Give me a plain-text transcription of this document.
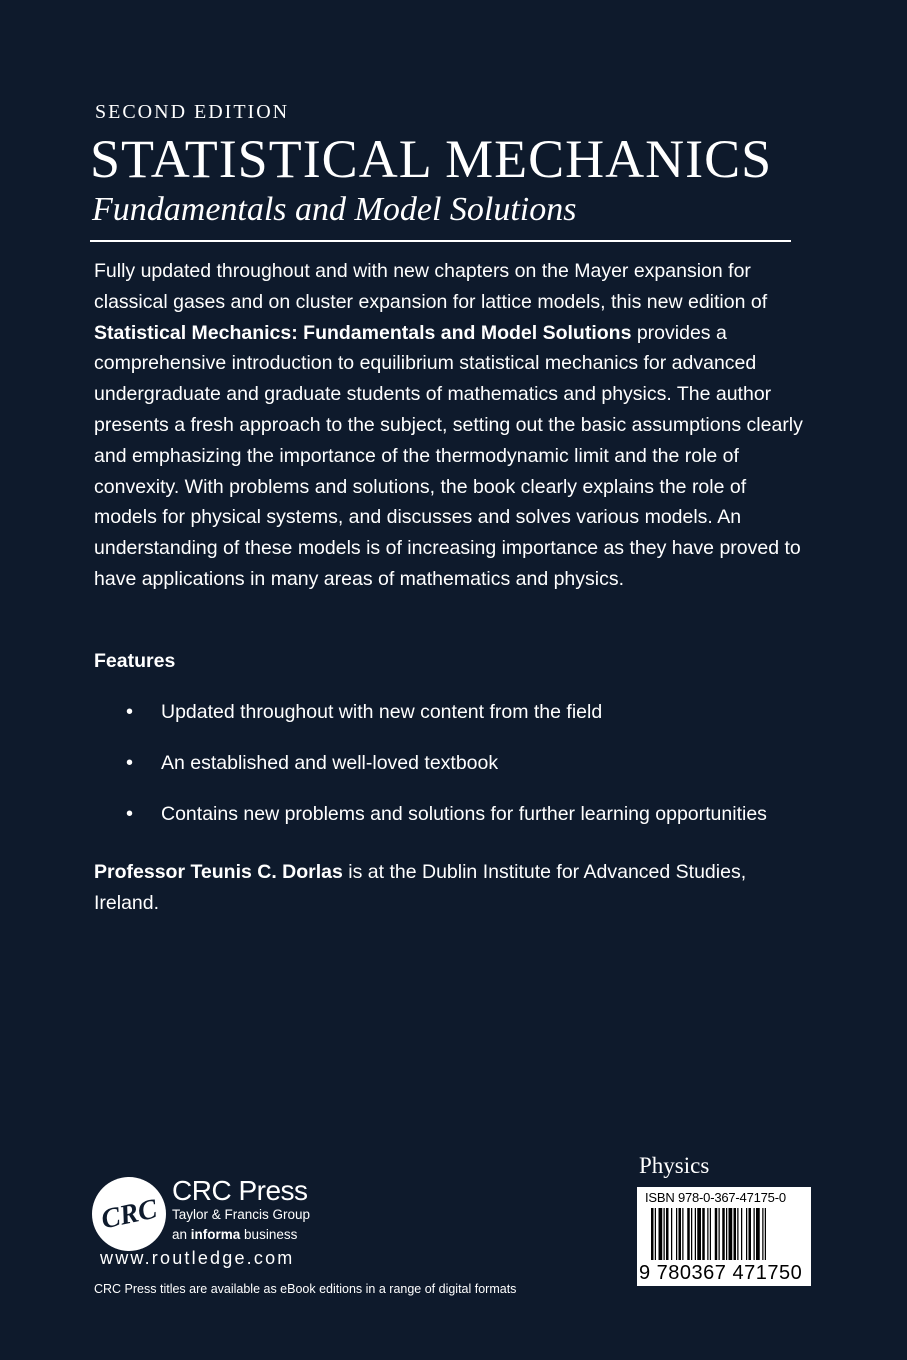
SECOND EDITION
STATISTICAL MECHANICS
Fundamentals and Model Solutions

Fully updated throughout and with new chapters on the Mayer expansion for classical gases and on cluster expansion for lattice models, this new edition of Statistical Mechanics: Fundamentals and Model Solutions provides a comprehensive introduction to equilibrium statistical mechanics for advanced undergraduate and graduate students of mathematics and physics. The author presents a fresh approach to the subject, setting out the basic assumptions clearly and emphasizing the importance of the thermodynamic limit and the role of convexity. With problems and solutions, the book clearly explains the role of models for physical systems, and discusses and solves various models. An understanding of these models is of increasing importance as they have proved to have applications in many areas of mathematics and physics.

Features
• Updated throughout with new content from the field
• An established and well-loved textbook
• Contains new problems and solutions for further learning opportunities

Professor Teunis C. Dorlas is at the Dublin Institute for Advanced Studies, Ireland.

CRC
CRC Press
Taylor & Francis Group
an informa business
www.routledge.com
CRC Press titles are available as eBook editions in a range of digital formats
Physics
ISBN 978-0-367-47175-0
9 780367 471750
